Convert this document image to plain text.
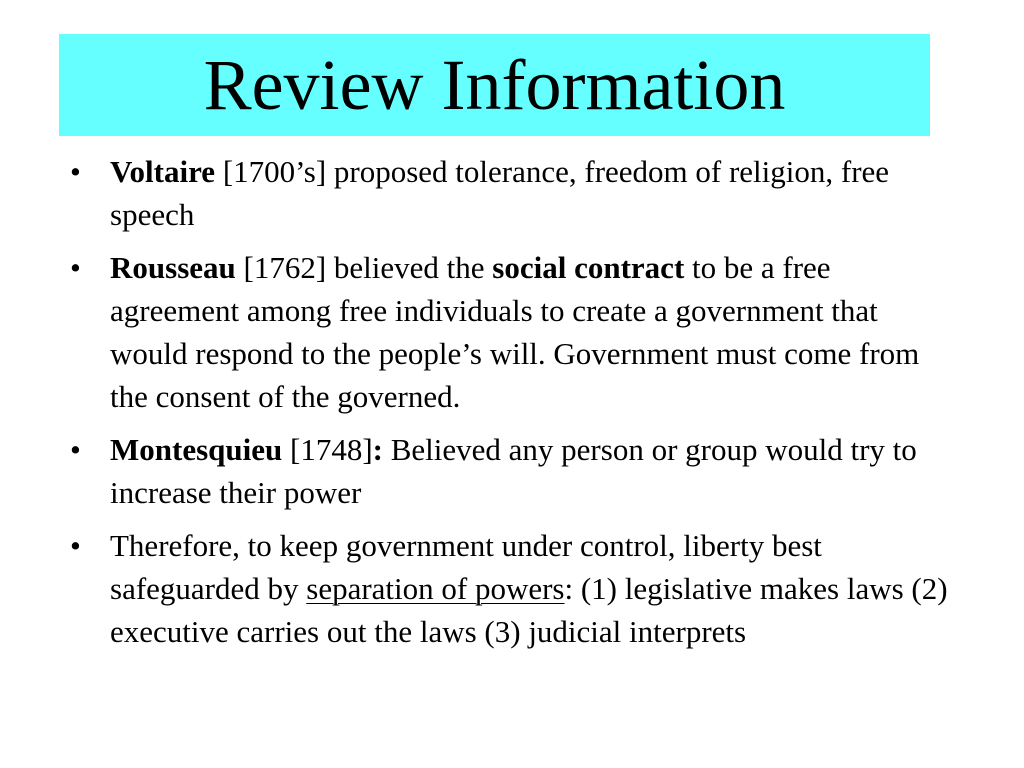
Review Information
• Voltaire [1700’s] proposed tolerance, freedom of religion, free speech
• Rousseau [1762] believed the social contract to be a free agreement among free individuals to create a government that would respond to the people’s will. Government must come from the consent of the governed.
• Montesquieu [1748]: Believed any person or group would try to increase their power
• Therefore, to keep government under control, liberty best safeguarded by separation of powers: (1) legislative makes laws (2) executive carries out the laws (3) judicial interprets
